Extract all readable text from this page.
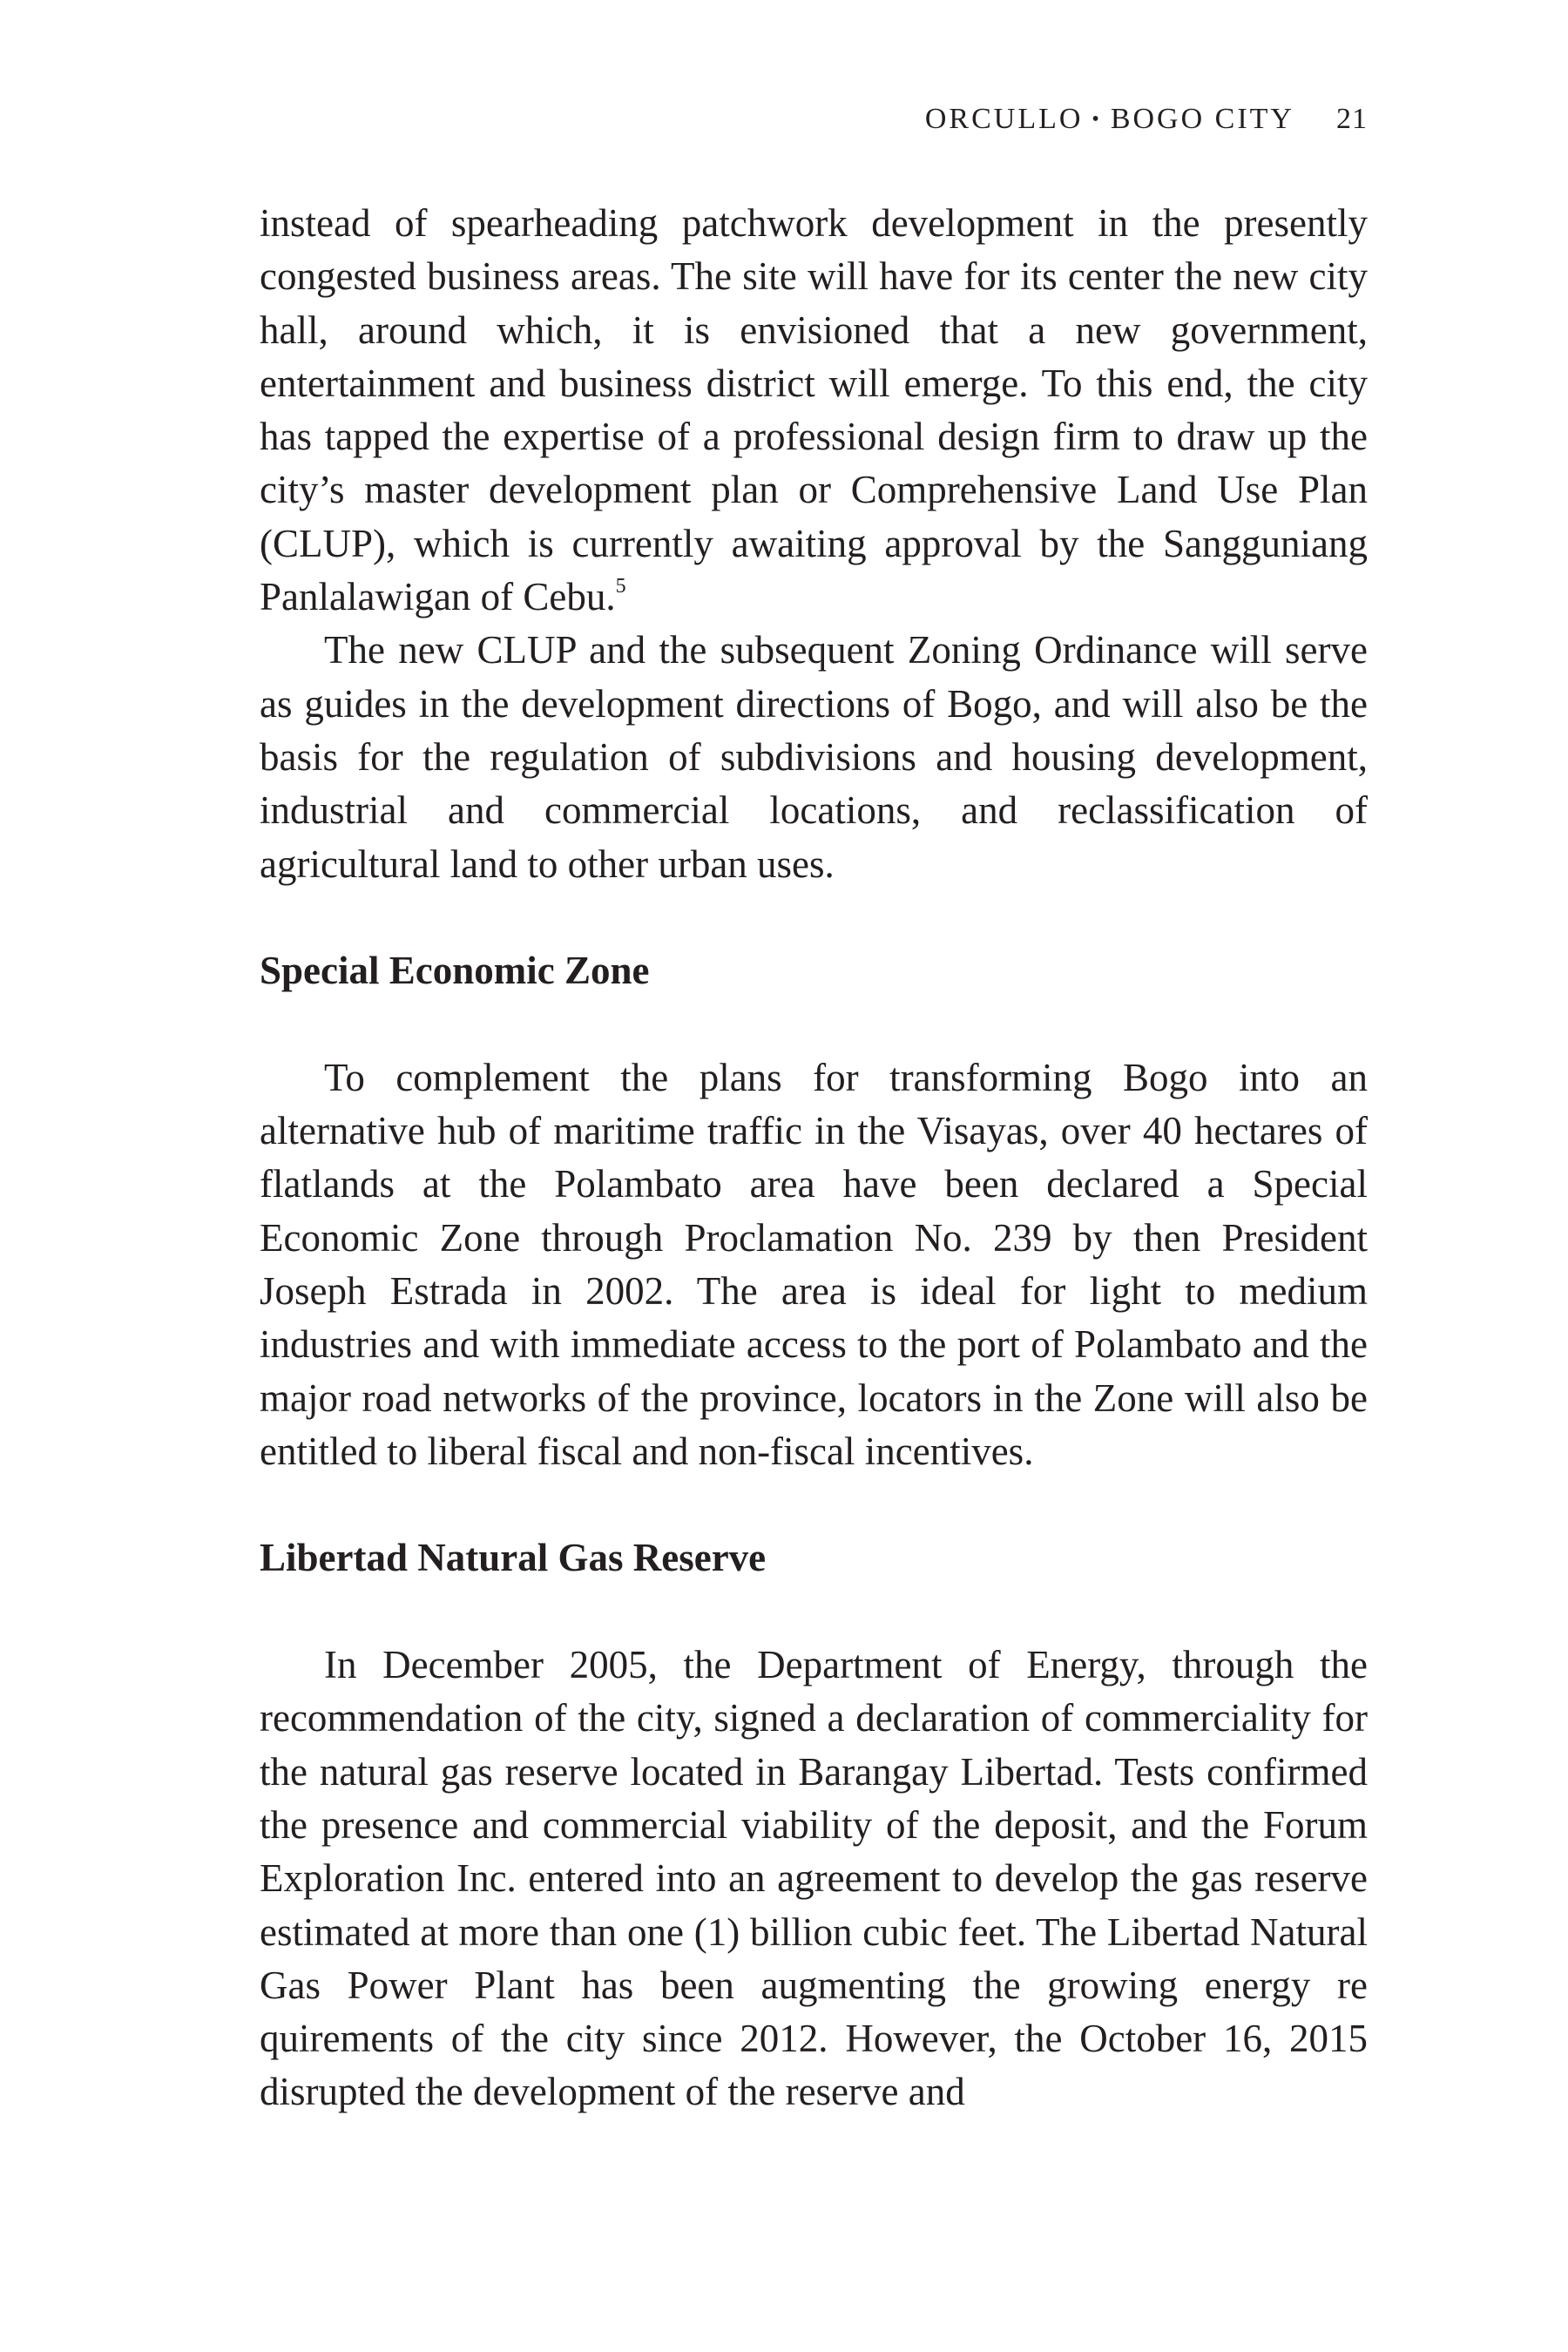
ORCULLO • BOGO CITY 21

instead of spearheading patchwork development in the presently congested business areas. The site will have for its center the new city hall, around which, it is envisioned that a new government, entertainment and business district will emerge. To this end, the city has tapped the expertise of a professional design firm to draw up the city’s master development plan or Comprehensive Land Use Plan (CLUP), which is currently awaiting approval by the Sangguniang Panlalawigan of Cebu.$^5$

The new CLUP and the subsequent Zoning Ordinance will serve as guides in the development directions of Bogo, and will also be the basis for the regulation of subdivisions and housing development, industrial and commercial locations, and reclassification of agricultural land to other urban uses.

Special Economic Zone

To complement the plans for transforming Bogo into an alternative hub of maritime traffic in the Visayas, over 40 hectares of flatlands at the Polambato area have been declared a Special Economic Zone through Proclamation No. 239 by then President Joseph Estrada in 2002. The area is ideal for light to medium industries and with immediate access to the port of Polambato and the major road networks of the province, locators in the Zone will also be entitled to liberal fiscal and non-fiscal incentives.

Libertad Natural Gas Reserve

In December 2005, the Department of Energy, through the recommendation of the city, signed a declaration of commerciality for the natural gas reserve located in Barangay Libertad. Tests confirmed the presence and commercial viability of the deposit, and the Forum Exploration Inc. entered into an agreement to develop the gas reserve estimated at more than one (1) billion cubic feet. The Libertad Natural Gas Power Plant has been augmenting the growing energy re   quirements of the city since 2012. However, the October 16, 2015 disrupted the development of the reserve and
